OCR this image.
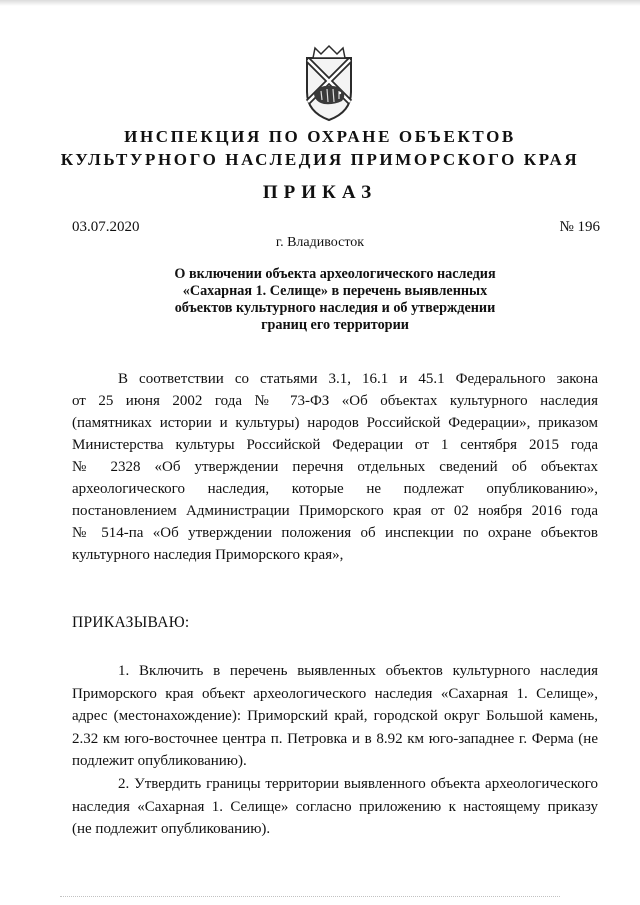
ИНСПЕКЦИЯ ПО ОХРАНЕ ОБЪЕКТОВ
КУЛЬТУРНОГО НАСЛЕДИЯ ПРИМОРСКОГО КРАЯ
ПРИКАЗ
03.07.2020	№ 196
г. Владивосток
О включении объекта археологического наследия
«Сахарная 1. Селище» в перечень выявленных
объектов культурного наследия и об утверждении
границ его территории
В соответствии со статьями 3.1, 16.1 и 45.1 Федерального закона
от 25 июня 2002 года № 73-ФЗ «Об объектах культурного наследия
(памятниках истории и культуры) народов Российской Федерации», приказом
Министерства культуры Российской Федерации от 1 сентября 2015 года
№ 2328 «Об утверждении перечня отдельных сведений об объектах
археологического наследия, которые не подлежат опубликованию»,
постановлением Администрации Приморского края от 02 ноября 2016 года
№ 514-па «Об утверждении положения об инспекции по охране объектов
культурного наследия Приморского края»,
ПРИКАЗЫВАЮ:
1. Включить в перечень выявленных объектов культурного наследия
Приморского края объект археологического наследия «Сахарная 1. Селище»,
адрес (местонахождение): Приморский край, городской округ Большой камень,
2.32 км юго-восточнее центра п. Петровка и в 8.92 км юго-западнее г. Ферма (не
подлежит опубликованию).
2. Утвердить границы территории выявленного объекта археологического
наследия «Сахарная 1. Селище» согласно приложению к настоящему приказу
(не подлежит опубликованию).
